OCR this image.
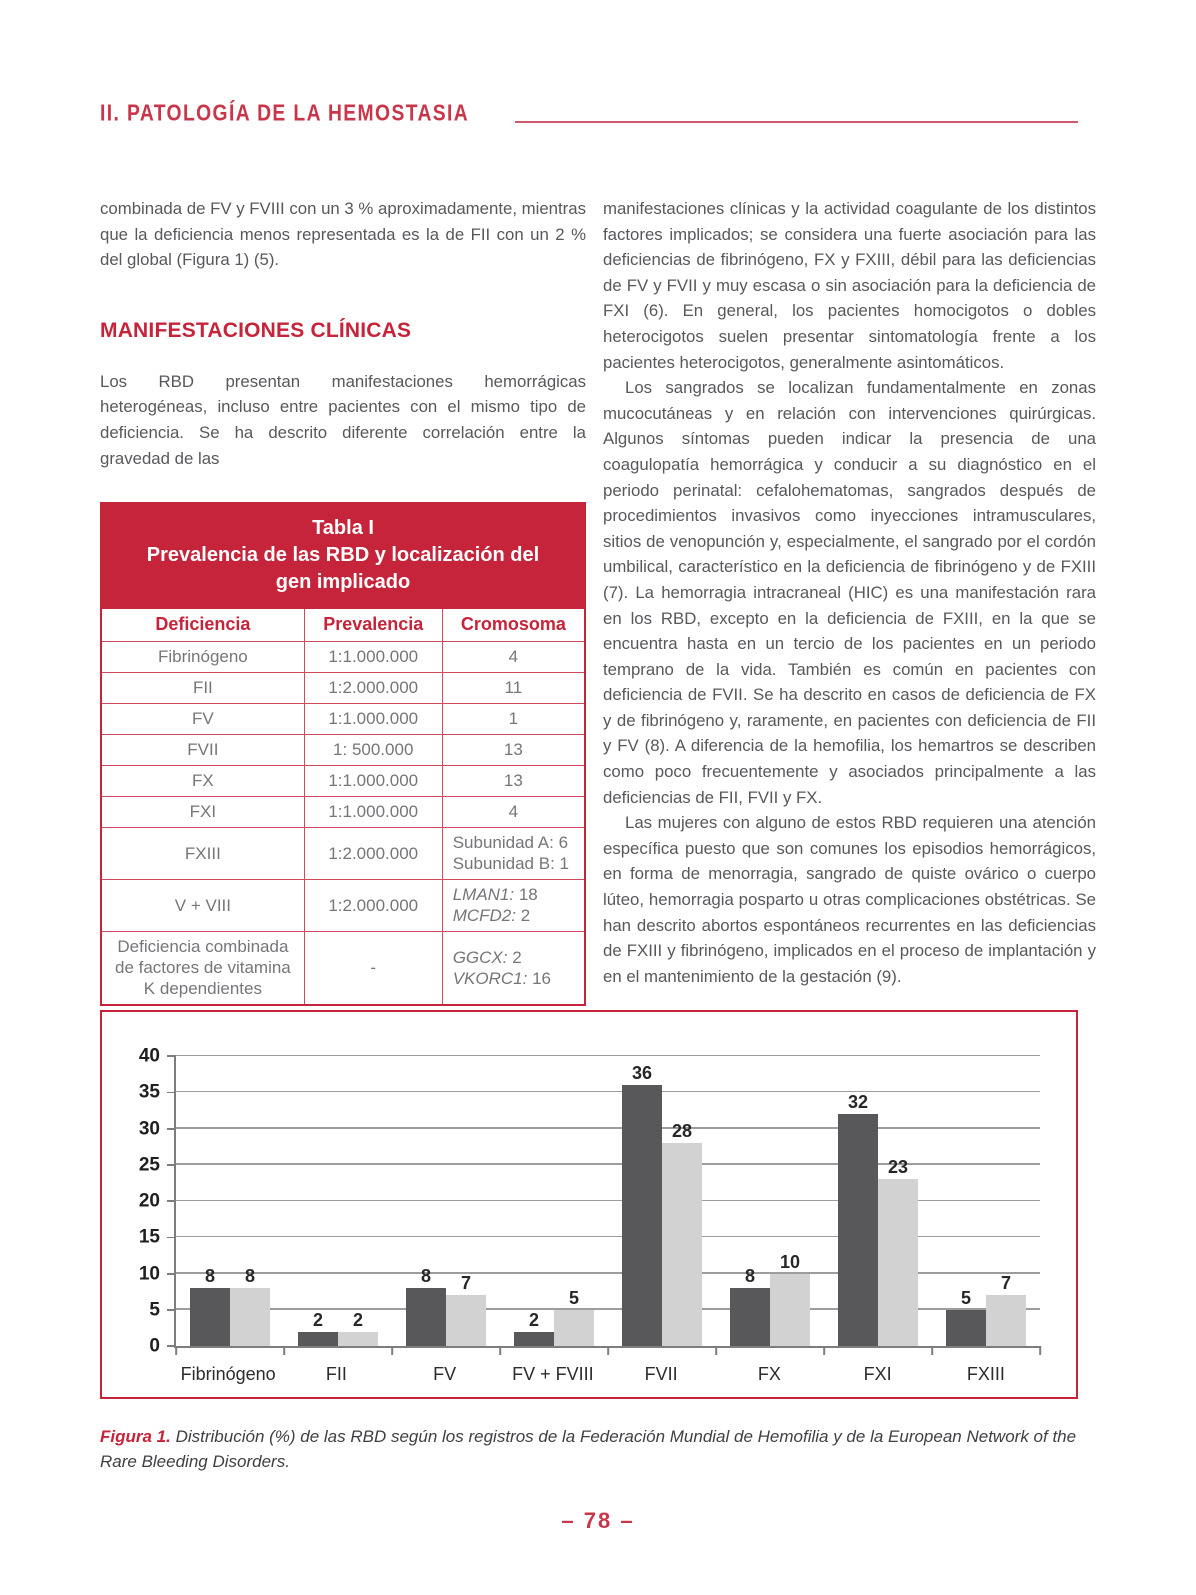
II. PATOLOGÍA DE LA HEMOSTASIA

combinada de FV y FVIII con un 3 % aproximadamente, mientras que la deficiencia menos representada es la de FII con un 2 % del global (Figura 1) (5).

MANIFESTACIONES CLÍNICAS

Los RBD presentan manifestaciones hemorrágicas heterogéneas, incluso entre pacientes con el mismo tipo de deficiencia. Se ha descrito diferente correlación entre la gravedad de las

Tabla I
Prevalencia de las RBD y localización del gen implicado		

Deficiencia	Prevalencia	Cromosoma
Fibrinógeno	1:1.000.000	4

FII	1:2.000.000	11

FV	1:1.000.000	1

FVII	1: 500.000	13

FX	1:1.000.000	13

FXI	1:1.000.000	4

FXIII	1:2.000.000	Subunidad A: 6
Subunidad B: 1

V + VIII	1:2.000.000	LMAN1: 18
MCFD2: 2

Deficiencia combinada de factores de vitamina K dependientes	-	GGCX: 2
VKORC1: 16

manifestaciones clínicas y la actividad coagulante de los distintos factores implicados; se considera una fuerte asociación para las deficiencias de fibrinógeno, FX y FXIII, débil para las deficiencias de FV y FVII y muy escasa o sin asociación para la deficiencia de FXI (6). En general, los pacientes homocigotos o dobles heterocigotos suelen presentar sintomatología frente a los pacientes heterocigotos, generalmente asintomáticos.

Los sangrados se localizan fundamentalmente en zonas mucocutáneas y en relación con intervenciones quirúrgicas. Algunos síntomas pueden indicar la presencia de una coagulopatía hemorrágica y conducir a su diagnóstico en el periodo perinatal: cefalohematomas, sangrados después de procedimientos invasivos como inyecciones intramusculares, sitios de venopunción y, especialmente, el sangrado por el cordón umbilical, característico en la deficiencia de fibrinógeno y de FXIII (7). La hemorragia intracraneal (HIC) es una manifestación rara en los RBD, excepto en la deficiencia de FXIII, en la que se encuentra hasta en un tercio de los pacientes en un periodo temprano de la vida. También es común en pacientes con deficiencia de FVII. Se ha descrito en casos de deficiencia de FX y de fibrinógeno y, raramente, en pacientes con deficiencia de FII y FV (8). A diferencia de la hemofilia, los hemartros se describen como poco frecuentemente y asociados principalmente a las deficiencias de FII, FVII y FX.

Las mujeres con alguno de estos RBD requieren una atención específica puesto que son comunes los episodios hemorrágicos, en forma de menorragia, sangrado de quiste ovárico o cuerpo lúteo, hemorragia posparto u otras complicaciones obstétricas. Se han descrito abortos espontáneos recurrentes en las deficiencias de FXIII y fibrinógeno, implicados en el proceso de implantación y en el mantenimiento de la gestación (9).

0
5
10
15
20
25
30
35
40
8 8
2 2
8 7
2
5
36
28
8
10
32
23
5
7
Fibrinógeno	FII	FV	FV + FVIII	FVII	FX	FXI	FXIII
Figura 1. Distribución (%) de las RBD según los registros de la Federación Mundial de Hemofilia y de la European Network of the Rare Bleeding Disorders.
– 78 –
